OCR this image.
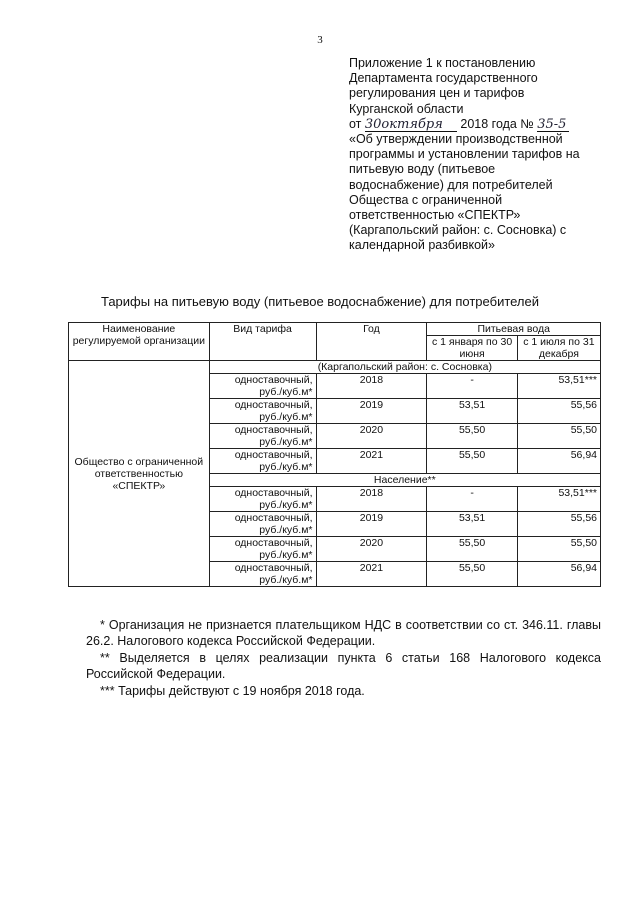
3
Приложение 1 к постановлению
Департамента государственного
регулирования цен и тарифов
Курганской области
от 30октября 2018 года № 35-5
«Об утверждении производственной
программы и установлении тарифов на
питьевую воду (питьевое
водоснабжение) для потребителей
Общества с ограниченной
ответственностью «СПЕКТР»
(Каргапольский район: с. Сосновка) с
календарной разбивкой»
Тарифы на питьевую воду (питьевое водоснабжение) для потребителей
Наименование регулируемой организации	Вид тарифа	Год	Питьевая вода	
			с 1 января по 30 июня	с 1 июля по 31 декабря
Общество с ограниченной ответственностью «СПЕКТР»	(Каргапольский район: с. Сосновка)			
	одноставочный, руб./куб.м*	2018	-	53,51***
	одноставочный, руб./куб.м*	2019	53,51	55,56
	одноставочный, руб./куб.м*	2020	55,50	55,50
	одноставочный, руб./куб.м*	2021	55,50	56,94
	Население**			
	одноставочный, руб./куб.м*	2018	-	53,51***
	одноставочный, руб./куб.м*	2019	53,51	55,56
	одноставочный, руб./куб.м*	2020	55,50	55,50
	одноставочный, руб./куб.м*	2021	55,50	56,94

* Организация не признается плательщиком НДС в соответствии со ст. 346.11. главы 26.2. Налогового кодекса Российской Федерации.

** Выделяется в целях реализации пункта 6 статьи 168 Налогового кодекса Российской Федерации.

*** Тарифы действуют с 19 ноября 2018 года.
